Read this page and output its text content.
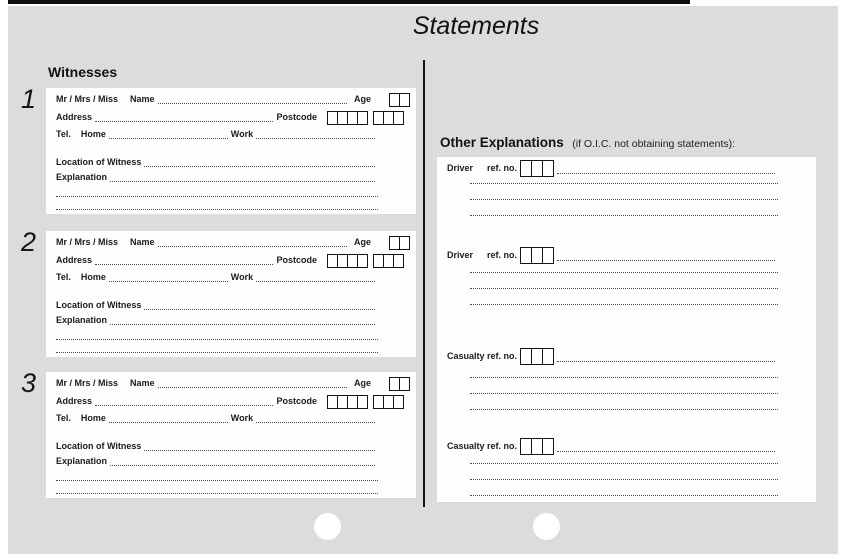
Statements
Witnesses
1	Mr / Mrs / Miss Name	Age
Address	Postcode
Tel. Home	Work
Location of Witness
Explanation
2	Mr / Mrs / Miss Name	Age
Address	Postcode
Tel. Home	Work
Location of Witness
Explanation
3	Mr / Mrs / Miss Name	Age
Address	Postcode
Tel. Home	Work
Location of Witness
Explanation
Other Explanations (if O.I.C. not obtaining statements):
Driver	ref. no.
Driver	ref. no.
Casualty ref. no.
Casualty ref. no.
